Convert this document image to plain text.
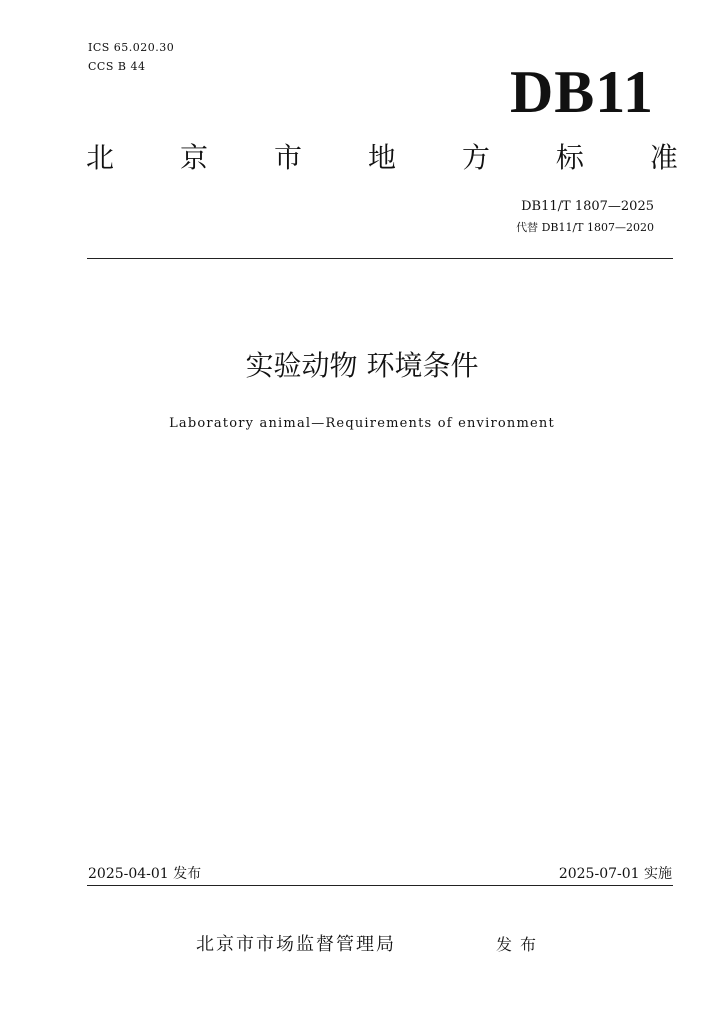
ICS 65.020.30
CCS B 44	DB11
北 京 市 地 方 标 准
DB11/T 1807—2025
代替 DB11/T 1807—2020
实验动物 环境条件
Laboratory animal—Requirements of environment
2025-04-01 发布	2025-07-01 实施
北京市市场监督管理局	发布
